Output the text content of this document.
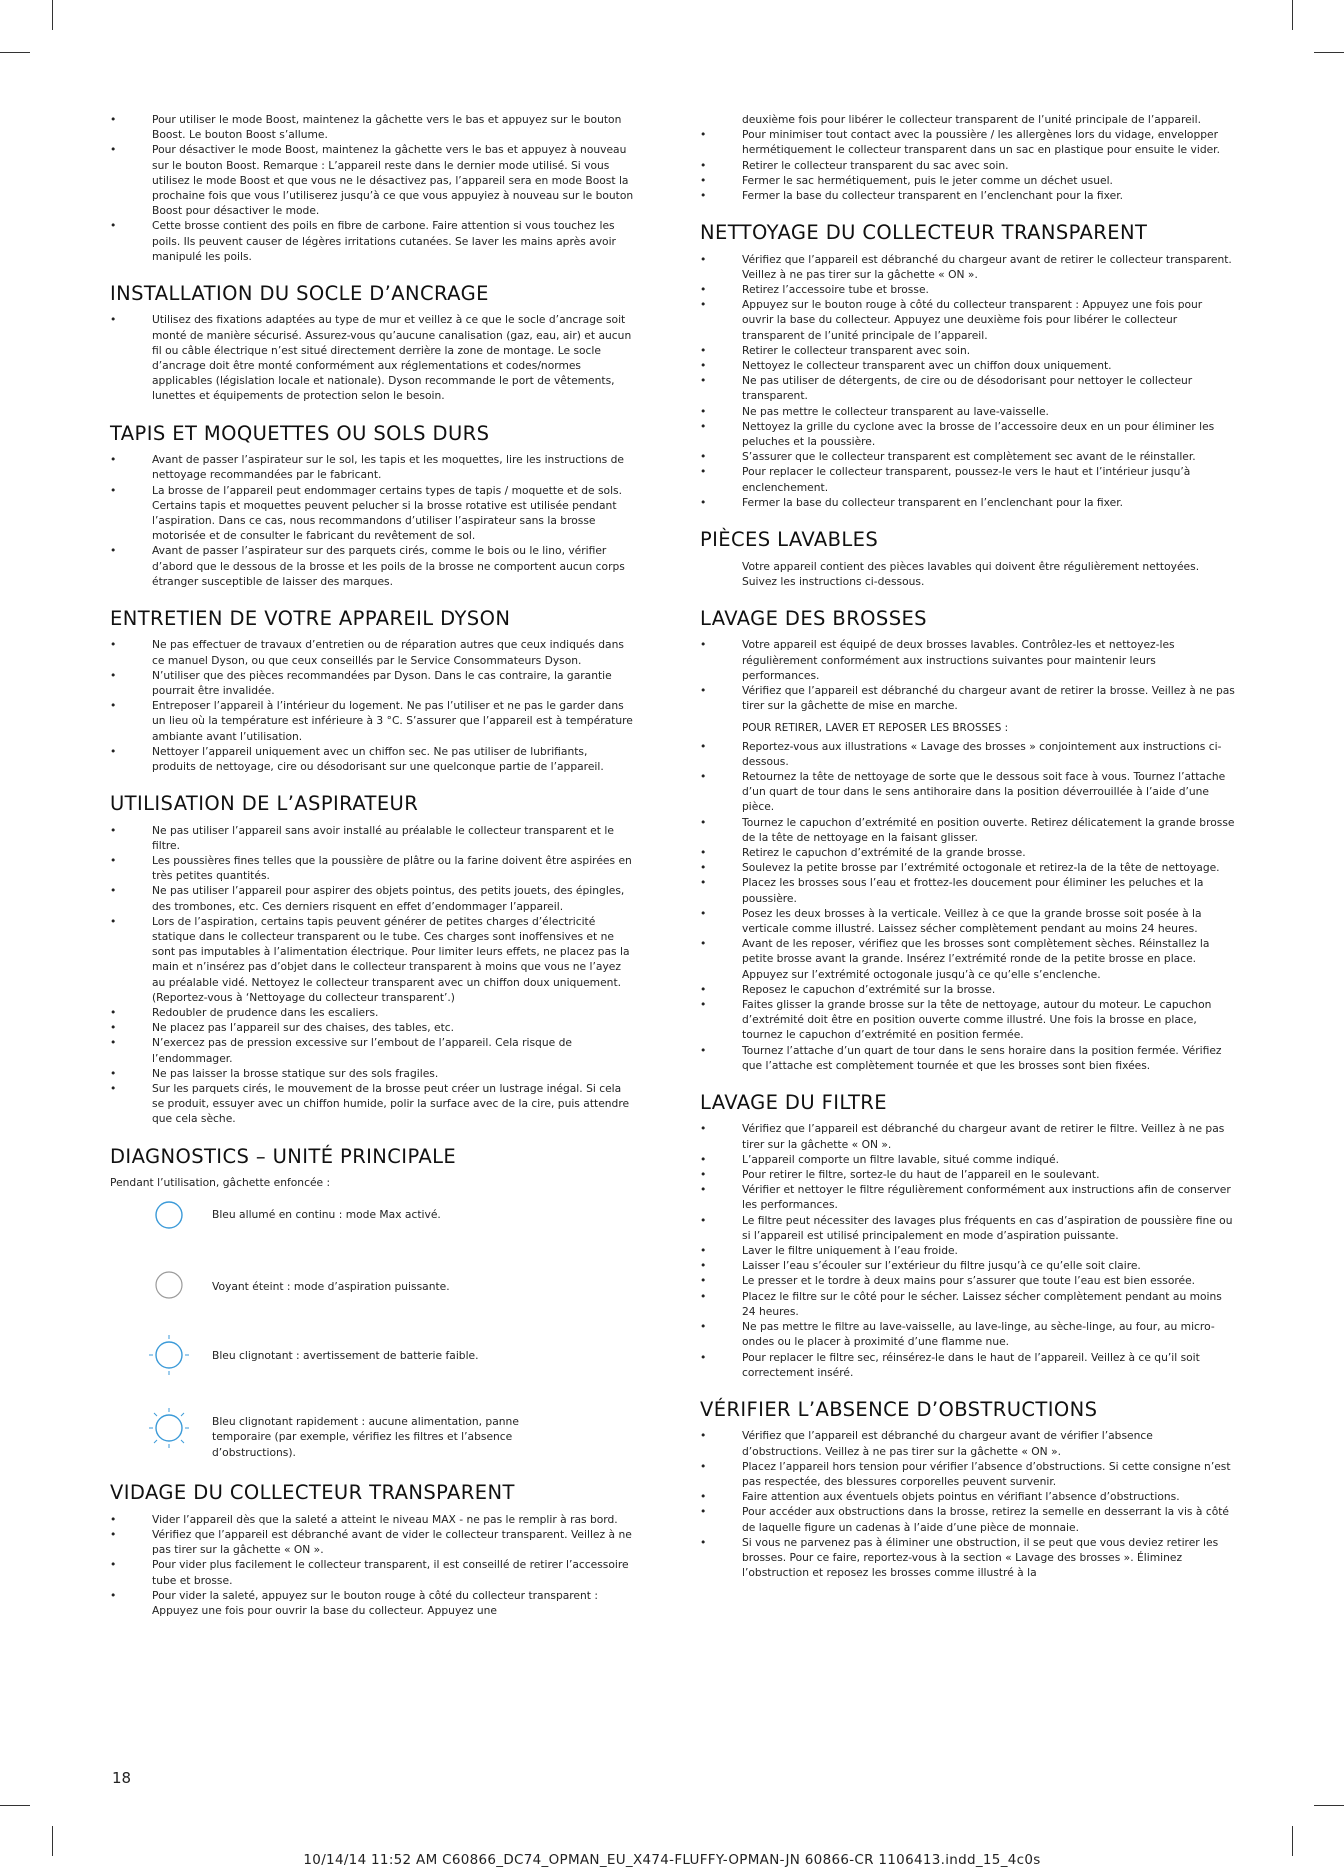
• Pour utiliser le mode Boost, maintenez la gâchette vers le bas et appuyez sur le bouton Boost. Le bouton Boost s’allume.
• Pour désactiver le mode Boost, maintenez la gâchette vers le bas et appuyez à nouveau sur le bouton Boost. Remarque : L’appareil reste dans le dernier mode utilisé. Si vous utilisez le mode Boost et que vous ne le désactivez pas, l’appareil sera en mode Boost la prochaine fois que vous l’utiliserez jusqu’à ce que vous appuyiez à nouveau sur le bouton Boost pour désactiver le mode.
• Cette brosse contient des poils en fibre de carbone. Faire attention si vous touchez les poils. Ils peuvent causer de légères irritations cutanées. Se laver les mains après avoir manipulé les poils.
INSTALLATION DU SOCLE D’ANCRAGE
• Utilisez des fixations adaptées au type de mur et veillez à ce que le socle d’ancrage soit monté de manière sécurisé. Assurez-vous qu’aucune canalisation (gaz, eau, air) et aucun fil ou câble électrique n’est situé directement derrière la zone de montage. Le socle d’ancrage doit être monté conformément aux réglementations et codes/normes applicables (législation locale et nationale). Dyson recommande le port de vêtements, lunettes et équipements de protection selon le besoin.
TAPIS ET MOQUETTES OU SOLS DURS
• Avant de passer l’aspirateur sur le sol, les tapis et les moquettes, lire les instructions de nettoyage recommandées par le fabricant.
• La brosse de l’appareil peut endommager certains types de tapis / moquette et de sols. Certains tapis et moquettes peuvent pelucher si la brosse rotative est utilisée pendant l’aspiration. Dans ce cas, nous recommandons d’utiliser l’aspirateur sans la brosse motorisée et de consulter le fabricant du revêtement de sol.
• Avant de passer l’aspirateur sur des parquets cirés, comme le bois ou le lino, vérifier d’abord que le dessous de la brosse et les poils de la brosse ne comportent aucun corps étranger susceptible de laisser des marques.
ENTRETIEN DE VOTRE APPAREIL DYSON
• Ne pas effectuer de travaux d’entretien ou de réparation autres que ceux indiqués dans ce manuel Dyson, ou que ceux conseillés par le Service Consommateurs Dyson.
• N’utiliser que des pièces recommandées par Dyson. Dans le cas contraire, la garantie pourrait être invalidée.
• Entreposer l’appareil à l’intérieur du logement. Ne pas l’utiliser et ne pas le garder dans un lieu où la température est inférieure à 3 °C. S’assurer que l’appareil est à température ambiante avant l’utilisation.
• Nettoyer l’appareil uniquement avec un chiffon sec. Ne pas utiliser de lubrifiants, produits de nettoyage, cire ou désodorisant sur une quelconque partie de l’appareil.
UTILISATION DE L’ASPIRATEUR
• Ne pas utiliser l’appareil sans avoir installé au préalable le collecteur transparent et le filtre.
• Les poussières fines telles que la poussière de plâtre ou la farine doivent être aspirées en très petites quantités.
• Ne pas utiliser l’appareil pour aspirer des objets pointus, des petits jouets, des épingles, des trombones, etc. Ces derniers risquent en effet d’endommager l’appareil.
• Lors de l’aspiration, certains tapis peuvent générer de petites charges d’électricité statique dans le collecteur transparent ou le tube. Ces charges sont inoffensives et ne sont pas imputables à l’alimentation électrique. Pour limiter leurs effets, ne placez pas la main et n’insérez pas d’objet dans le collecteur transparent à moins que vous ne l’ayez au préalable vidé. Nettoyez le collecteur transparent avec un chiffon doux uniquement. (Reportez-vous à ‘Nettoyage du collecteur transparent’.)
• Redoubler de prudence dans les escaliers.
• Ne placez pas l’appareil sur des chaises, des tables, etc.
• N’exercez pas de pression excessive sur l’embout de l’appareil. Cela risque de l’endommager.
• Ne pas laisser la brosse statique sur des sols fragiles.
• Sur les parquets cirés, le mouvement de la brosse peut créer un lustrage inégal. Si cela se produit, essuyer avec un chiffon humide, polir la surface avec de la cire, puis attendre que cela sèche.
DIAGNOSTICS – UNITÉ PRINCIPALE

Pendant l’utilisation, gâchette enfoncée :

Bleu allumé en continu : mode Max activé.
Voyant éteint : mode d’aspiration puissante.
Bleu clignotant : avertissement de batterie faible.
Bleu clignotant rapidement : aucune alimentation, panne temporaire (par exemple, vérifiez les filtres et l’absence d’obstructions).
VIDAGE DU COLLECTEUR TRANSPARENT
• Vider l’appareil dès que la saleté a atteint le niveau MAX - ne pas le remplir à ras bord.
• Vérifiez que l’appareil est débranché avant de vider le collecteur transparent. Veillez à ne pas tirer sur la gâchette « ON ».
• Pour vider plus facilement le collecteur transparent, il est conseillé de retirer l’accessoire tube et brosse.
• Pour vider la saleté, appuyez sur le bouton rouge à côté du collecteur transparent : Appuyez une fois pour ouvrir la base du collecteur. Appuyez une

deuxième fois pour libérer le collecteur transparent de l’unité principale de l’appareil.

• Pour minimiser tout contact avec la poussière / les allergènes lors du vidage, envelopper hermétiquement le collecteur transparent dans un sac en plastique pour ensuite le vider.
• Retirer le collecteur transparent du sac avec soin.
• Fermer le sac hermétiquement, puis le jeter comme un déchet usuel.
• Fermer la base du collecteur transparent en l’enclenchant pour la fixer.
NETTOYAGE DU COLLECTEUR TRANSPARENT
• Vérifiez que l’appareil est débranché du chargeur avant de retirer le collecteur transparent. Veillez à ne pas tirer sur la gâchette « ON ».
• Retirez l’accessoire tube et brosse.
• Appuyez sur le bouton rouge à côté du collecteur transparent : Appuyez une fois pour ouvrir la base du collecteur. Appuyez une deuxième fois pour libérer le collecteur transparent de l’unité principale de l’appareil.
• Retirer le collecteur transparent avec soin.
• Nettoyez le collecteur transparent avec un chiffon doux uniquement.
• Ne pas utiliser de détergents, de cire ou de désodorisant pour nettoyer le collecteur transparent.
• Ne pas mettre le collecteur transparent au lave-vaisselle.
• Nettoyez la grille du cyclone avec la brosse de l’accessoire deux en un pour éliminer les peluches et la poussière.
• S’assurer que le collecteur transparent est complètement sec avant de le réinstaller.
• Pour replacer le collecteur transparent, poussez-le vers le haut et l’intérieur jusqu’à enclenchement.
• Fermer la base du collecteur transparent en l’enclenchant pour la fixer.
PIÈCES LAVABLES

Votre appareil contient des pièces lavables qui doivent être régulièrement nettoyées. Suivez les instructions ci-dessous.

LAVAGE DES BROSSES
• Votre appareil est équipé de deux brosses lavables. Contrôlez-les et nettoyez-les régulièrement conformément aux instructions suivantes pour maintenir leurs performances.
• Vérifiez que l’appareil est débranché du chargeur avant de retirer la brosse. Veillez à ne pas tirer sur la gâchette de mise en marche.

POUR RETIRER, LAVER ET REPOSER LES BROSSES :

• Reportez-vous aux illustrations « Lavage des brosses » conjointement aux instructions ci-dessous.
• Retournez la tête de nettoyage de sorte que le dessous soit face à vous. Tournez l’attache d’un quart de tour dans le sens antihoraire dans la position déverrouillée à l’aide d’une pièce.
• Tournez le capuchon d’extrémité en position ouverte. Retirez délicatement la grande brosse de la tête de nettoyage en la faisant glisser.
• Retirez le capuchon d’extrémité de la grande brosse.
• Soulevez la petite brosse par l’extrémité octogonale et retirez-la de la tête de nettoyage.
• Placez les brosses sous l’eau et frottez-les doucement pour éliminer les peluches et la poussière.
• Posez les deux brosses à la verticale. Veillez à ce que la grande brosse soit posée à la verticale comme illustré. Laissez sécher complètement pendant au moins 24 heures.
• Avant de les reposer, vérifiez que les brosses sont complètement sèches. Réinstallez la petite brosse avant la grande. Insérez l’extrémité ronde de la petite brosse en place. Appuyez sur l’extrémité octogonale jusqu’à ce qu’elle s’enclenche.
• Reposez le capuchon d’extrémité sur la brosse.
• Faites glisser la grande brosse sur la tête de nettoyage, autour du moteur. Le capuchon d’extrémité doit être en position ouverte comme illustré. Une fois la brosse en place, tournez le capuchon d’extrémité en position fermée.
• Tournez l’attache d’un quart de tour dans le sens horaire dans la position fermée. Vérifiez que l’attache est complètement tournée et que les brosses sont bien fixées.
LAVAGE DU FILTRE
• Vérifiez que l’appareil est débranché du chargeur avant de retirer le filtre. Veillez à ne pas tirer sur la gâchette « ON ».
• L’appareil comporte un filtre lavable, situé comme indiqué.
• Pour retirer le filtre, sortez-le du haut de l’appareil en le soulevant.
• Vérifier et nettoyer le filtre régulièrement conformément aux instructions afin de conserver les performances.
• Le filtre peut nécessiter des lavages plus fréquents en cas d’aspiration de poussière fine ou si l’appareil est utilisé principalement en mode d’aspiration puissante.
• Laver le filtre uniquement à l’eau froide.
• Laisser l’eau s’écouler sur l’extérieur du filtre jusqu’à ce qu’elle soit claire.
• Le presser et le tordre à deux mains pour s’assurer que toute l’eau est bien essorée.
• Placez le filtre sur le côté pour le sécher. Laissez sécher complètement pendant au moins 24 heures.
• Ne pas mettre le filtre au lave-vaisselle, au lave-linge, au sèche-linge, au four, au micro-ondes ou le placer à proximité d’une flamme nue.
• Pour replacer le filtre sec, réinsérez-le dans le haut de l’appareil. Veillez à ce qu’il soit correctement inséré.
VÉRIFIER L’ABSENCE D’OBSTRUCTIONS
• Vérifiez que l’appareil est débranché du chargeur avant de vérifier l’absence d’obstructions. Veillez à ne pas tirer sur la gâchette « ON ».
• Placez l’appareil hors tension pour vérifier l’absence d’obstructions. Si cette consigne n’est pas respectée, des blessures corporelles peuvent survenir.
• Faire attention aux éventuels objets pointus en vérifiant l’absence d’obstructions.
• Pour accéder aux obstructions dans la brosse, retirez la semelle en desserrant la vis à côté de laquelle figure un cadenas à l’aide d’une pièce de monnaie.
• Si vous ne parvenez pas à éliminer une obstruction, il se peut que vous deviez retirer les brosses. Pour ce faire, reportez-vous à la section « Lavage des brosses ». Éliminez l’obstruction et reposez les brosses comme illustré à la
18
10/14/14 11:52 AM C60866_DC74_OPMAN_EU_X474-FLUFFY-OPMAN-JN 60866-CR 1106413.indd_15_4c0s
